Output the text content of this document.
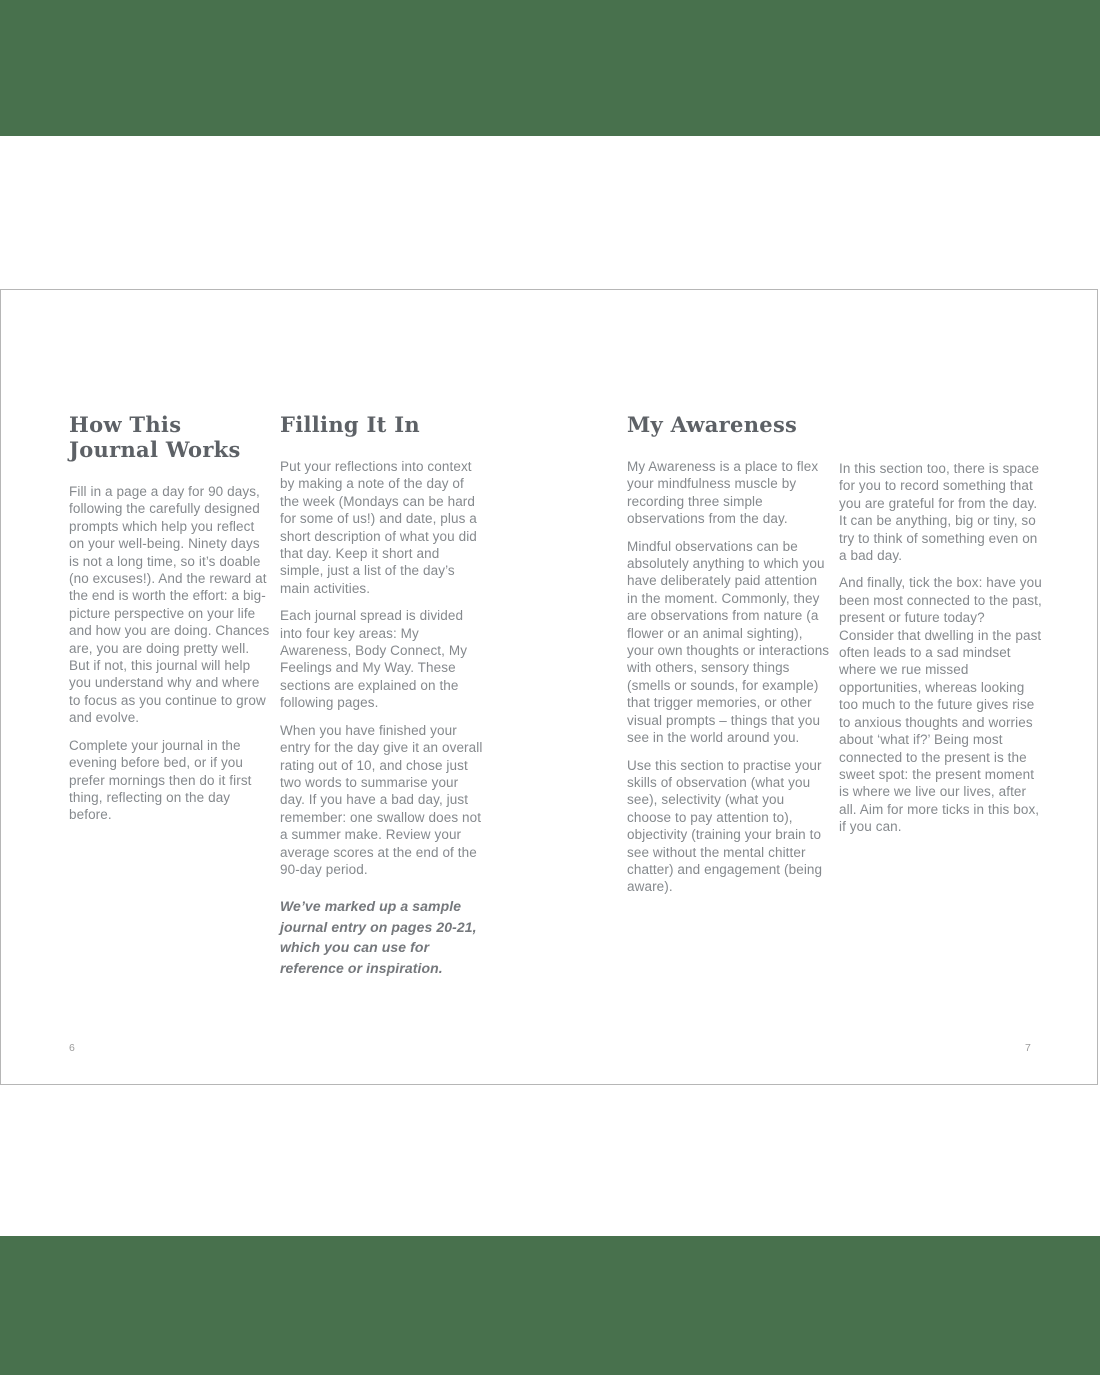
How This
Journal Works

Fill in a page a day for 90 days, following the carefully designed prompts which help you reflect on your well-being. Ninety days is not a long time, so it’s doable (no excuses!). And the reward at the end is worth the effort: a big-picture perspective on your life and how you are doing. Chances are, you are doing pretty well. But if not, this journal will help you understand why and where to focus as you continue to grow and evolve.

Complete your journal in the evening before bed, or if you prefer mornings then do it first thing, reflecting on the day before.

Filling It In

Put your reflections into context by making a note of the day of the week (Mondays can be hard for some of us!) and date, plus a short description of what you did that day. Keep it short and simple, just a list of the day’s main activities.

Each journal spread is divided into four key areas: My Awareness, Body Connect, My Feelings and My Way. These sections are explained on the following pages.

When you have finished your entry for the day give it an overall rating out of 10, and chose just two words to summarise your day. If you have a bad day, just remember: one swallow does not a summer make. Review your average scores at the end of the 90-day period.

We’ve marked up a sample journal entry on pages 20-21, which you can use for reference or inspiration.

My Awareness

My Awareness is a place to flex your mindfulness muscle by recording three simple observations from the day.

Mindful observations can be absolutely anything to which you have deliberately paid attention in the moment. Commonly, they are observations from nature (a flower or an animal sighting), your own thoughts or interactions with others, sensory things (smells or sounds, for example) that trigger memories, or other visual prompts – things that you see in the world around you.

Use this section to practise your skills of observation (what you see), selectivity (what you choose to pay attention to), objectivity (training your brain to see without the mental chitter chatter) and engagement (being aware).

In this section too, there is space for you to record something that you are grateful for from the day. It can be anything, big or tiny, so try to think of something even on a bad day.

And finally, tick the box: have you been most connected to the past, present or future today? Consider that dwelling in the past often leads to a sad mindset where we rue missed opportunities, whereas looking too much to the future gives rise to anxious thoughts and worries about ‘what if?’ Being most connected to the present is the sweet spot: the present moment is where we live our lives, after all. Aim for more ticks in this box, if you can.

6	7
